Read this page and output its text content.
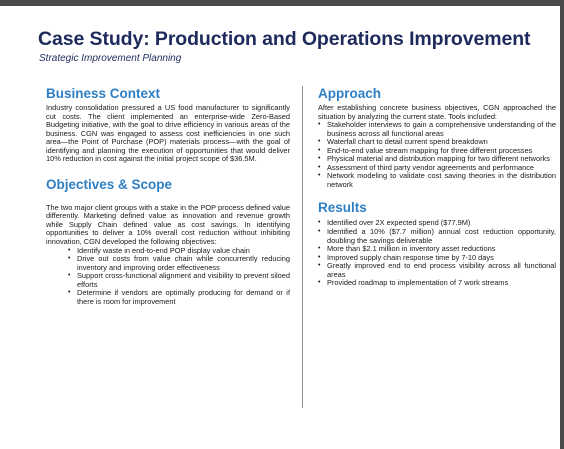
Case Study: Production and Operations Improvement
Strategic Improvement Planning
Business Context

Industry consolidation pressured a US food manufacturer to significantly cut costs. The client implemented an enterprise-wide Zero-Based Budgeting initiative, with the goal to drive efficiency in various areas of the business. CGN was engaged to assess cost inefficiencies in one such area—the Point of Purchase (POP) materials process—with the goal of identifying and planning the execution of opportunities that would deliver 10% reduction in cost against the initial project scope of $36.5M.

Objectives & Scope

The two major client groups with a stake in the POP process defined value differently. Marketing defined value as innovation and revenue growth while Supply Chain defined value as cost savings. In identifying opportunities to deliver a 10% overall cost reduction without inhibiting innovation, CGN developed the following objectives:

• Identify waste in end-to-end POP display value chain
• Drive out costs from value chain while concurrently reducing inventory and improving order effectiveness
• Support cross-functional alignment and visibility to prevent siloed efforts
• Determine if vendors are optimally producing for demand or if there is room for improvement
Approach

After establishing concrete business objectives, CGN approached the situation by analyzing the current state. Tools included:

• Stakeholder interviews to gain a comprehensive understanding of the business across all functional areas
• Waterfall chart to detail current spend breakdown
• End-to-end value stream mapping for three different processes
• Physical material and distribution mapping for two different networks
• Assessment of third party vendor agreements and performance
• Network modeling to validate cost saving theories in the distribution network
Results
• Identified over 2X expected spend ($77.9M)
• Identified a 10% ($7.7 million) annual cost reduction opportunity, doubling the savings deliverable
• More than $2.1 million in inventory asset reductions
• Improved supply chain response time by 7-10 days
• Greatly improved end to end process visibility across all functional areas
• Provided roadmap to implementation of 7 work streams
